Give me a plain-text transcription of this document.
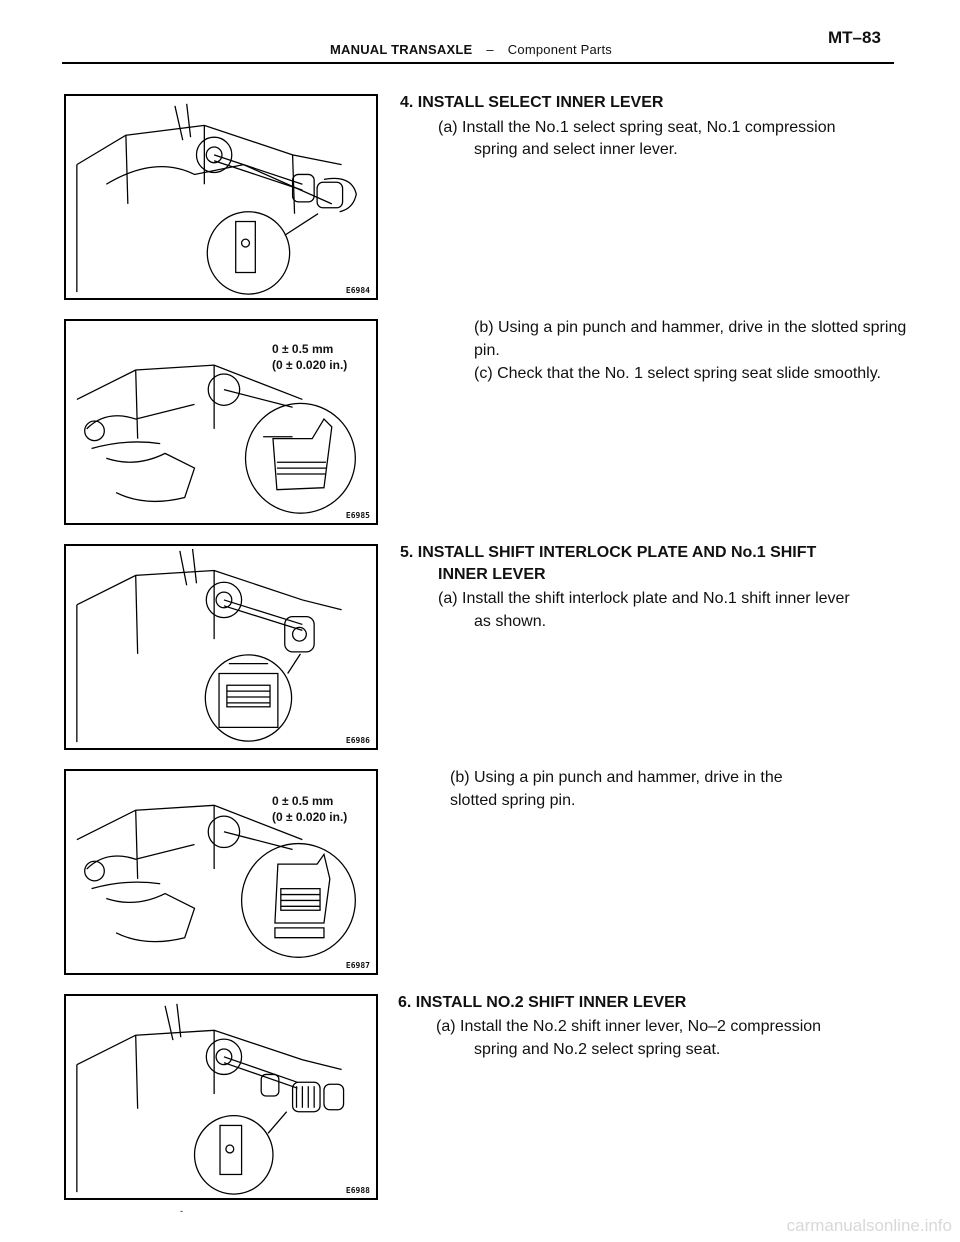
MANUAL TRANSAXLE – Component Parts
MT–83
E6984
0 ± 0.5 mm
(0 ± 0.020 in.)
E6985
E6986
0 ± 0.5 mm
(0 ± 0.020 in.)
E6987
E6988
4. INSTALL SELECT INNER LEVER
(a) Install the No.1 select spring seat, No.1 compression
spring and select inner lever.
(b) Using a pin punch and hammer, drive in the slotted spring
pin.
(c) Check that the No. 1 select spring seat slide smoothly.
5. INSTALL SHIFT INTERLOCK PLATE AND No.1 SHIFT
INNER LEVER
(a) Install the shift interlock plate and No.1 shift inner lever
as shown.
(b) Using a pin punch and hammer, drive in the
slotted spring pin.
6. INSTALL NO.2 SHIFT INNER LEVER
(a) Install the No.2 shift inner lever, No–2 compression
spring and No.2 select spring seat.
-
carmanualsonline.info
